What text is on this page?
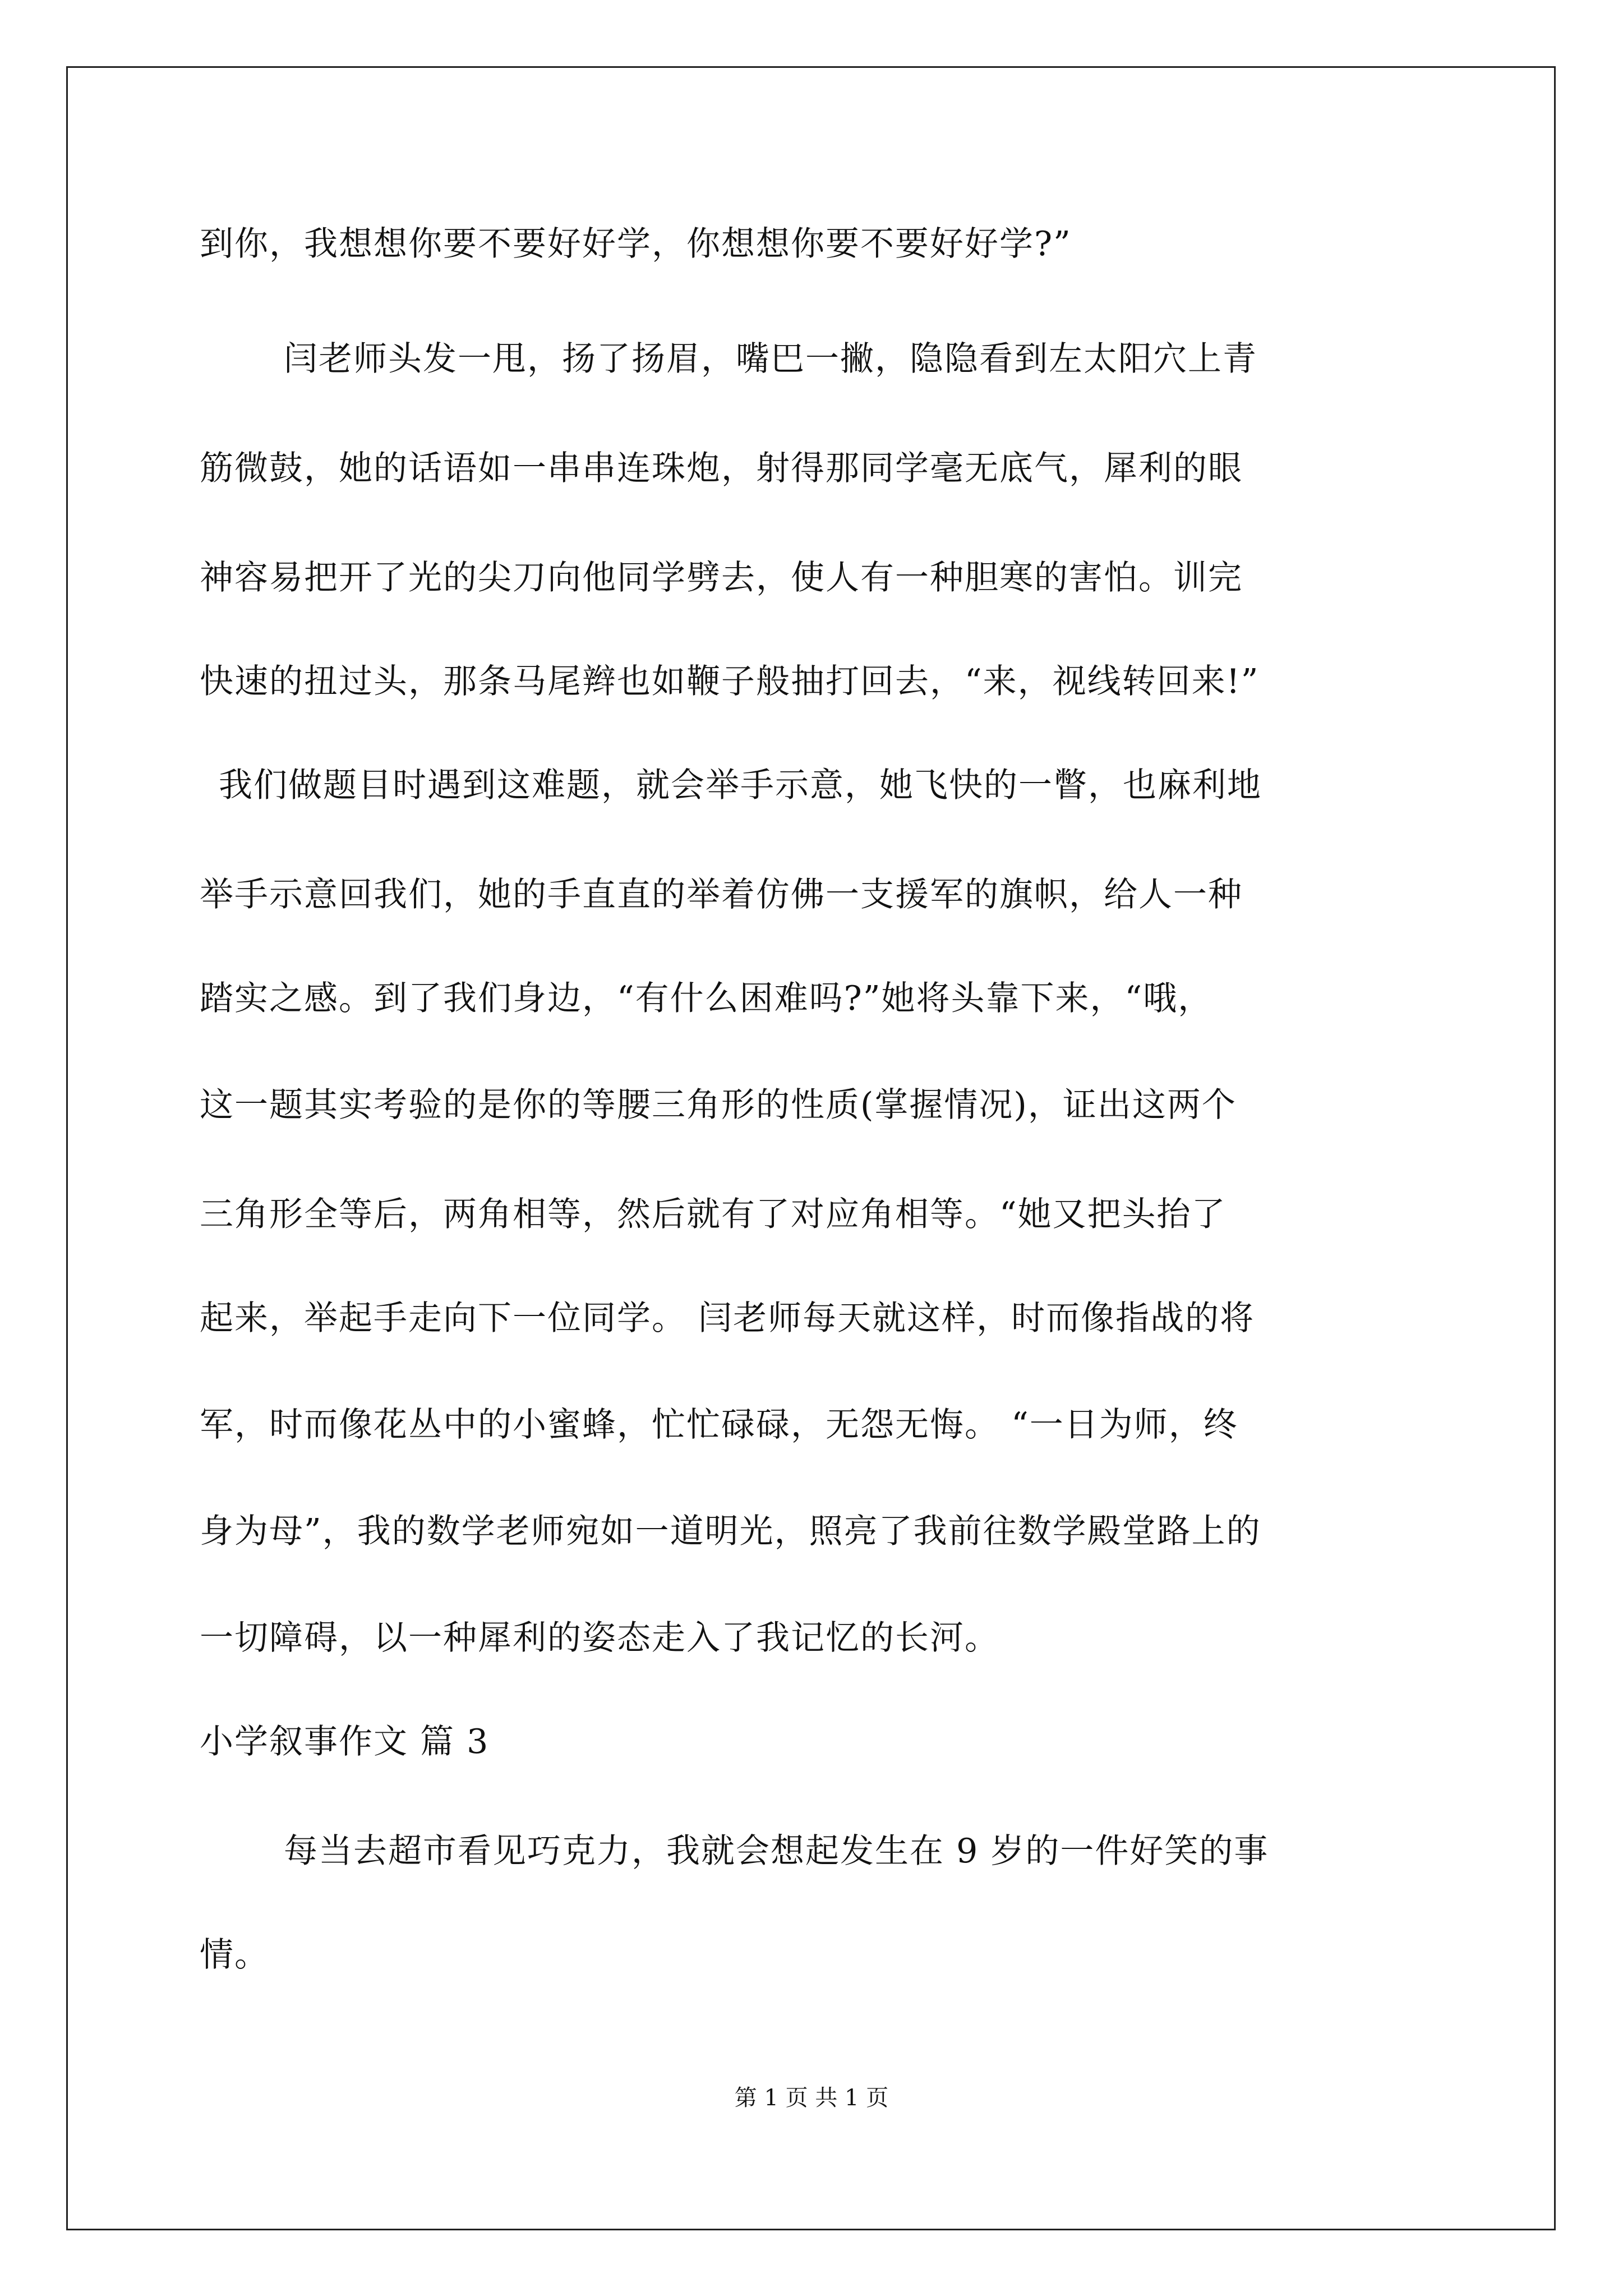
到你，我想想你要不要好好学，你想想你要不要好好学?”
闫老师头发一甩，扬了扬眉，嘴巴一撇，隐隐看到左太阳穴上青
筋微鼓，她的话语如一串串连珠炮，射得那同学毫无底气，犀利的眼
神容易把开了光的尖刀向他同学劈去，使人有一种胆寒的害怕。训完
快速的扭过头，那条马尾辫也如鞭子般抽打回去，“来，视线转回来!”
我们做题目时遇到这难题，就会举手示意，她飞快的一瞥，也麻利地
举手示意回我们，她的手直直的举着仿佛一支援军的旗帜，给人一种
踏实之感。到了我们身边，“有什么困难吗?”她将头靠下来，“哦，
这一题其实考验的是你的等腰三角形的性质(掌握情况)，证出这两个
三角形全等后，两角相等，然后就有了对应角相等。“她又把头抬了
起来，举起手走向下一位同学。 闫老师每天就这样，时而像指战的将
军，时而像花丛中的小蜜蜂，忙忙碌碌，无怨无悔。 “一日为师，终
身为母”，我的数学老师宛如一道明光，照亮了我前往数学殿堂路上的
一切障碍，以一种犀利的姿态走入了我记忆的长河。
小学叙事作文 篇 3
每当去超市看见巧克力，我就会想起发生在 9 岁的一件好笑的事
情。
第 1 页 共 1 页
